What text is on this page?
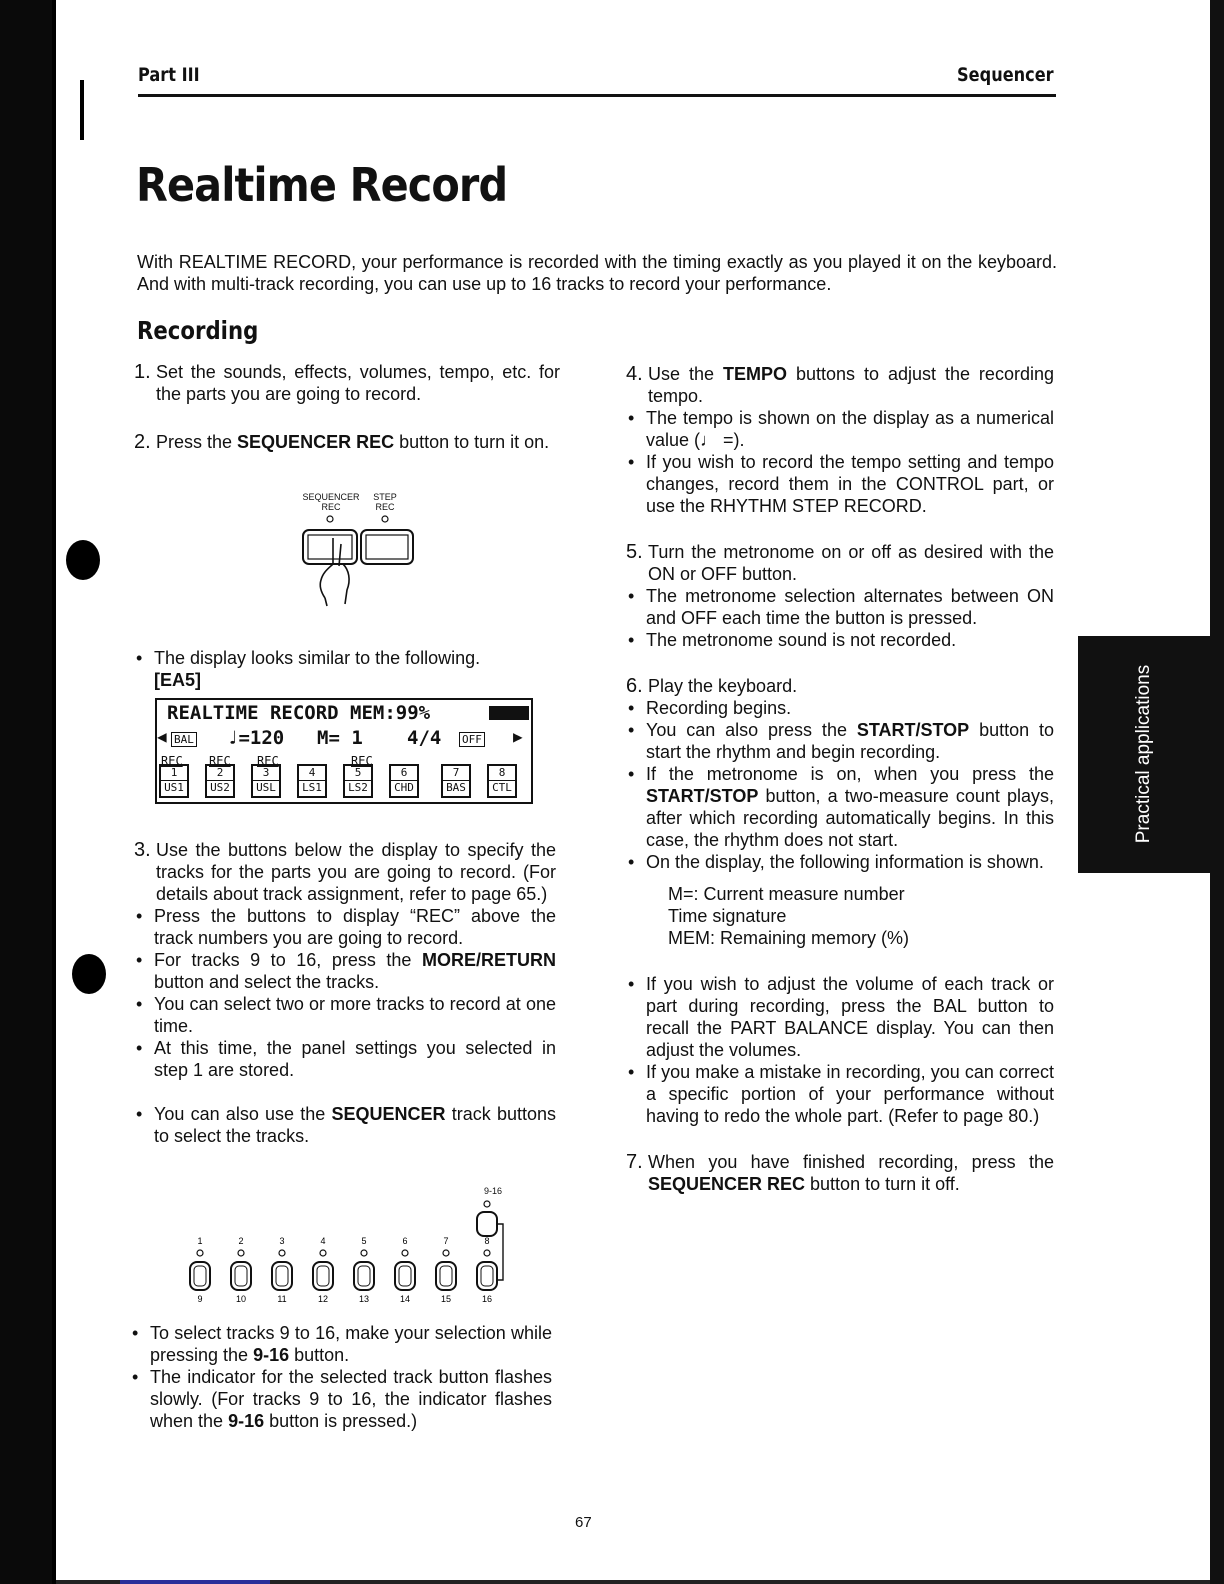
Part III	Sequencer
Realtime Record
With REALTIME RECORD, your performance is recorded with the timing exactly as you played it on the keyboard. And with multi-track recording, you can use up to 16 tracks to record your performance.
Recording
1. Set the sounds, effects, volumes, tempo, etc. for the parts you are going to record.
2. Press the SEQUENCER REC button to turn it on.
SEQUENCER
REC
STEP
REC
• The display looks similar to the following.
[EA5]
REALTIME RECORD MEM:99%
◀ BAL ♩=120 M= 1 4/4 OFF ▶
REC REC REC	REC
1
US1
2
US2
3
USL
4
LS1
5
LS2
6
CHD
7
BAS
8
CTL
3. Use the buttons below the display to specify the tracks for the parts you are going to record. (For details about track assignment, refer to page 65.)
• Press the buttons to display “REC” above the track numbers you are going to record.
• For tracks 9 to 16, press the MORE/RETURN button and select the tracks.
• You can select two or more tracks to record at one time.
• At this time, the panel settings you selected in step 1 are stored.
• You can also use the SEQUENCER track buttons to select the tracks.
9-16
1
9
2
10
3
11
4
12
5
13
6
14
7
15
8
16
• To select tracks 9 to 16, make your selection while pressing the 9-16 button.
• The indicator for the selected track button flashes slowly. (For tracks 9 to 16, the indicator flashes when the 9-16 button is pressed.)
4. Use the TEMPO buttons to adjust the recording tempo.
• The tempo is shown on the display as a numerical value (♩ =).
• If you wish to record the tempo setting and tempo changes, record them in the CONTROL part, or use the RHYTHM STEP RECORD.
5. Turn the metronome on or off as desired with the ON or OFF button.
• The metronome selection alternates between ON and OFF each time the button is pressed.
• The metronome sound is not recorded.
6. Play the keyboard.
• Recording begins.
• You can also press the START/STOP button to start the rhythm and begin recording.
• If the metronome is on, when you press the START/STOP button, a two-measure count plays, after which recording automatically begins. In this case, the rhythm does not start.
• On the display, the following information is shown.

M=: Current measure number

Time signature

MEM: Remaining memory (%)

• If you wish to adjust the volume of each track or part during recording, press the BAL button to recall the PART BALANCE display. You can then adjust the volumes.
• If you make a mistake in recording, you can correct a specific portion of your performance without having to redo the whole part. (Refer to page 80.)
7. When you have finished recording, press the SEQUENCER REC button to turn it off.
Practical applications
67
